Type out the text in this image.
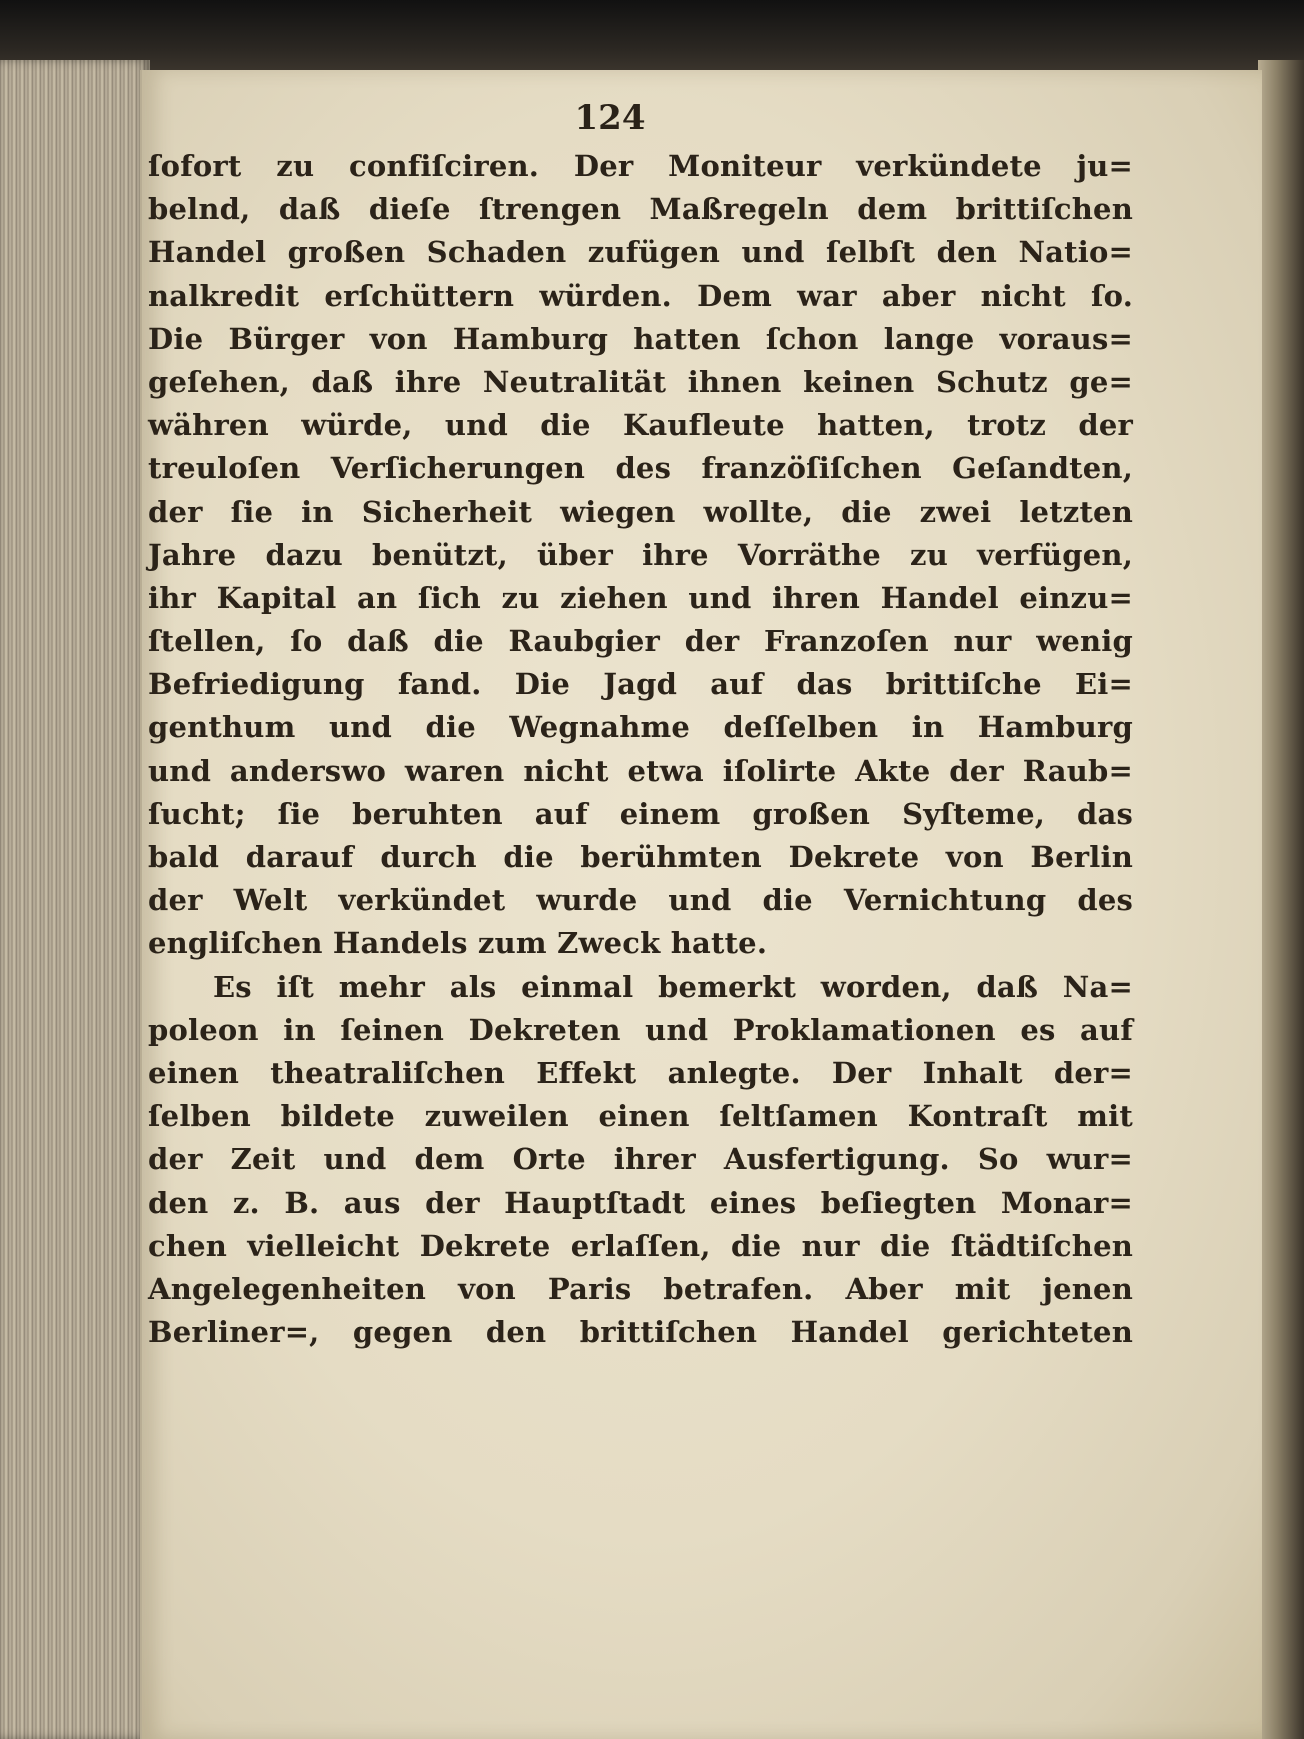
124
ſofort zu confiſciren. Der Moniteur verkündete ju=
belnd, daß dieſe ſtrengen Maßregeln dem brittiſchen
Handel großen Schaden zufügen und ſelbſt den Natio=
nalkredit erſchüttern würden. Dem war aber nicht ſo.
Die Bürger von Hamburg hatten ſchon lange voraus=
geſehen, daß ihre Neutralität ihnen keinen Schutz ge=
währen würde, und die Kaufleute hatten, trotz der
treuloſen Verſicherungen des franzöſiſchen Geſandten,
der ſie in Sicherheit wiegen wollte, die zwei letzten
Jahre dazu benützt, über ihre Vorräthe zu verfügen,
ihr Kapital an ſich zu ziehen und ihren Handel einzu=
ſtellen, ſo daß die Raubgier der Franzoſen nur wenig
Befriedigung fand. Die Jagd auf das brittiſche Ei=
genthum und die Wegnahme deſſelben in Hamburg
und anderswo waren nicht etwa iſolirte Akte der Raub=
ſucht; ſie beruhten auf einem großen Syſteme, das
bald darauf durch die berühmten Dekrete von Berlin
der Welt verkündet wurde und die Vernichtung des
engliſchen Handels zum Zweck hatte.
Es iſt mehr als einmal bemerkt worden, daß Na=
poleon in ſeinen Dekreten und Proklamationen es auf
einen theatraliſchen Effekt anlegte. Der Inhalt der=
ſelben bildete zuweilen einen ſeltſamen Kontraſt mit
der Zeit und dem Orte ihrer Ausfertigung. So wur=
den z. B. aus der Hauptſtadt eines beſiegten Monar=
chen vielleicht Dekrete erlaſſen, die nur die ſtädtiſchen
Angelegenheiten von Paris betrafen. Aber mit jenen
Berliner=, gegen den brittiſchen Handel gerichteten
